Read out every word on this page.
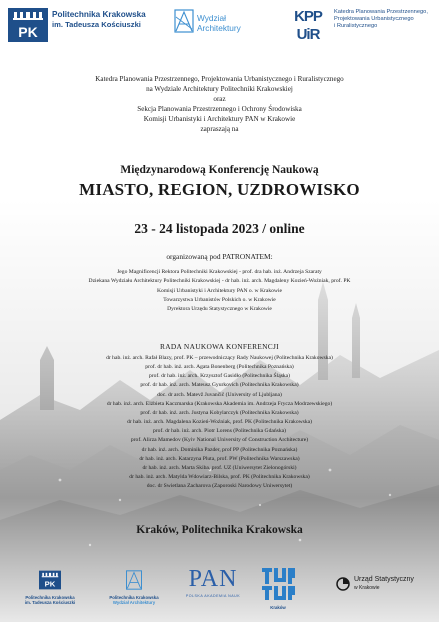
PK
Politechnika Krakowska
im. Tadeusza Kościuszki
Wydział
Architektury
KPP
UiR
Katedra Planowania Przestrzennego,
Projektowania Urbanistycznego
i Ruralistycznego
Katedra Planowania Przestrzennego, Projektowania Urbanistycznego i Ruralistycznego
na Wydziale Architektury Politechniki Krakowskiej
oraz
Sekcja Planowania Przestrzennego i Ochrony Środowiska
Komisji Urbanistyki i Architektury PAN w Krakowie
zapraszają na
Międzynarodową Konferencję Naukową
MIASTO, REGION, UZDROWISKO
23 - 24 listopada 2023 / online
organizowaną pod PATRONATEM:
Jego Magnificencji Rektora Politechniki Krakowskiej - prof. dra hab. inż. Andrzeja Szaraty
Dziekana Wydziału Architektury Politechniki Krakowskiej - dr hab. inż. arch. Magdaleny Kozień-Woźniak, prof. PK
Komisji Urbanistyki i Architektury PAN o. w Krakowie
Towarzystwa Urbanistów Polskich o. w Krakowie
Dyrektora Urzędu Statystycznego w Krakowie
RADA NAUKOWA KONFERENCJI
dr hab. inż. arch. Rafał Blazy, prof. PK – przewodniczący Rady Naukowej (Politechnika Krakowska)
prof. dr hab. inż. arch. Agata Bonenberg (Politechnika Poznańska)
prof. dr hab. inż. arch. Krzysztof Gasidło (Politechnika Śląska)
prof. dr hab. inż. arch. Mateusz Gyurkovich (Politechnika Krakowska)
doc. dr arch. Matevž Juvančič (University of Ljubljana)
dr hab. inż. arch. Elżbieta Kaczmarska (Krakowska Akademia im. Andrzeja Frycza Modrzewskiego)
prof. dr hab. inż. arch. Justyna Kobylarczyk (Politechnika Krakowska)
dr hab. inż. arch. Magdalena Kozień-Woźniak, prof. PK (Politechnika Krakowska)
prof. dr hab. inż. arch. Piotr Lorens (Politechnika Gdańska)
prof. Alirza Mamedov (Kyiv National University of Construction Architecture)
dr hab. inż. arch. Dominika Pazder, prof PP (Politechnika Poznańska)
dr hab. inż. arch. Katarzyna Pluta, prof. PW (Politechnika Warszawska)
dr hab. inż. arch. Marta Skiba, prof. UZ (Uniwersytet Zielonogórski)
dr hab. inż. arch. Matylda Wdowiarz-Bilska, prof. PK (Politechnika Krakowska)
doc. dr Swietlana Zacharova (Zaporoski Narodowy Uniwersytet)
Kraków, Politechnika Krakowska
PK
Politechnika Krakowska
im. Tadeusza Kościuszki
Politechnika Krakowska
Wydział Architektury
PAN
POLSKA AKADEMIA NAUK
Kraków
Urząd Statystyczny
w Krakowie
